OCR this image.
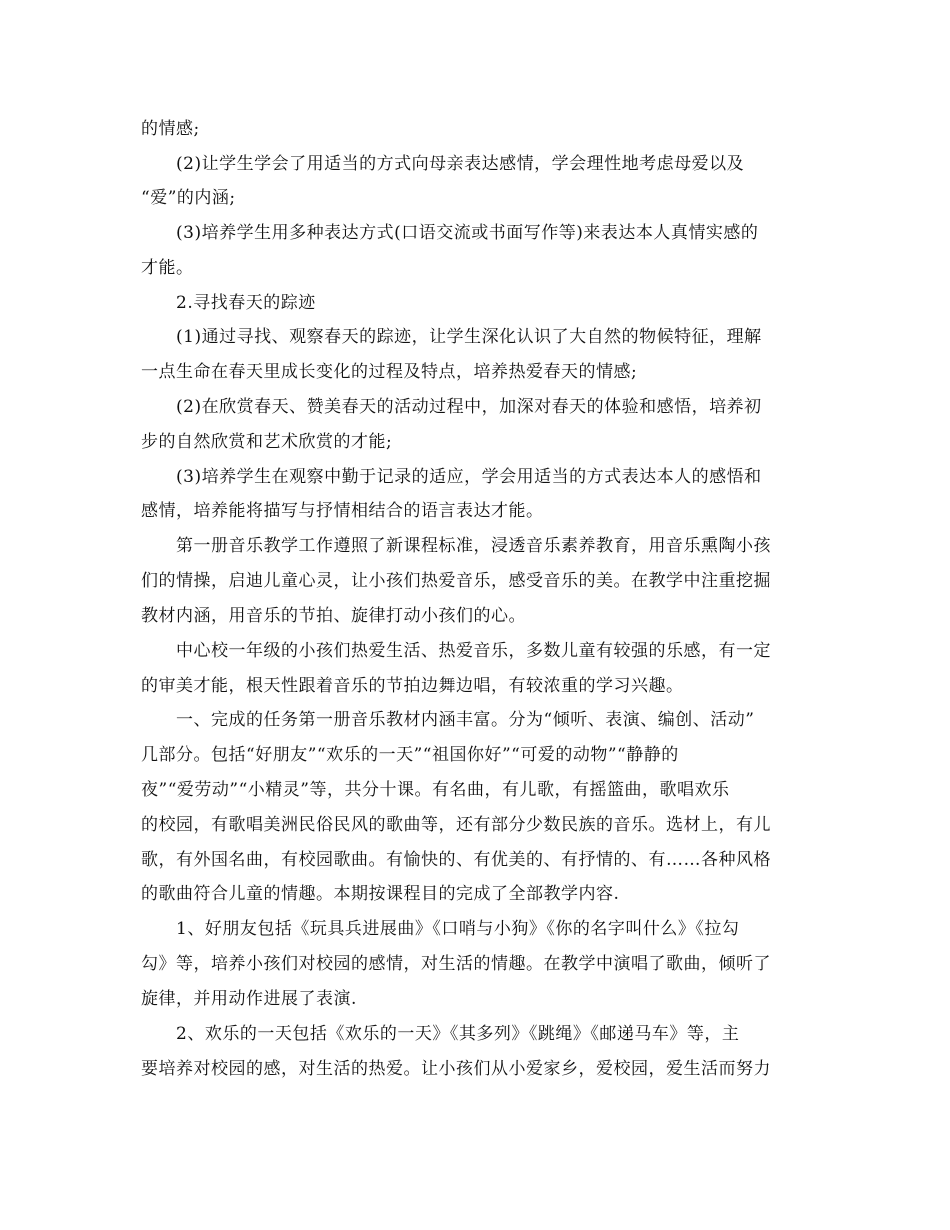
的情感;
(2)让学生学会了用适当的方式向母亲表达感情，学会理性地考虑母爱以及
“爱”的内涵;
(3)培养学生用多种表达方式(口语交流或书面写作等)来表达本人真情实感的
才能。
2.寻找春天的踪迹
(1)通过寻找、观察春天的踪迹，让学生深化认识了大自然的物候特征，理解
一点生命在春天里成长变化的过程及特点，培养热爱春天的情感;
(2)在欣赏春天、赞美春天的活动过程中，加深对春天的体验和感悟，培养初
步的自然欣赏和艺术欣赏的才能;
(3)培养学生在观察中勤于记录的适应，学会用适当的方式表达本人的感悟和
感情，培养能将描写与抒情相结合的语言表达才能。
第一册音乐教学工作遵照了新课程标准，浸透音乐素养教育，用音乐熏陶小孩
们的情操，启迪儿童心灵，让小孩们热爱音乐，感受音乐的美。在教学中注重挖掘
教材内涵，用音乐的节拍、旋律打动小孩们的心。
中心校一年级的小孩们热爱生活、热爱音乐，多数儿童有较强的乐感，有一定
的审美才能，根天性跟着音乐的节拍边舞边唱，有较浓重的学习兴趣。
一、完成的任务第一册音乐教材内涵丰富。分为“倾听、表演、编创、活动”
几部分。包括“好朋友”“欢乐的一天”“祖国你好”“可爱的动物”“静静的
夜”“爱劳动”“小精灵”等，共分十课。有名曲，有儿歌，有摇篮曲，歌唱欢乐
的校园，有歌唱美洲民俗民风的歌曲等，还有部分少数民族的音乐。选材上，有儿
歌，有外国名曲，有校园歌曲。有愉快的、有优美的、有抒情的、有……各种风格
的歌曲符合儿童的情趣。本期按课程目的完成了全部教学内容.
1、好朋友包括《玩具兵进展曲》《口哨与小狗》《你的名字叫什么》《拉勾
勾》等，培养小孩们对校园的感情，对生活的情趣。在教学中演唱了歌曲，倾听了
旋律，并用动作进展了表演.
2、欢乐的一天包括《欢乐的一天》《其多列》《跳绳》《邮递马车》等，主
要培养对校园的感，对生活的热爱。让小孩们从小爱家乡，爱校园，爱生活而努力
